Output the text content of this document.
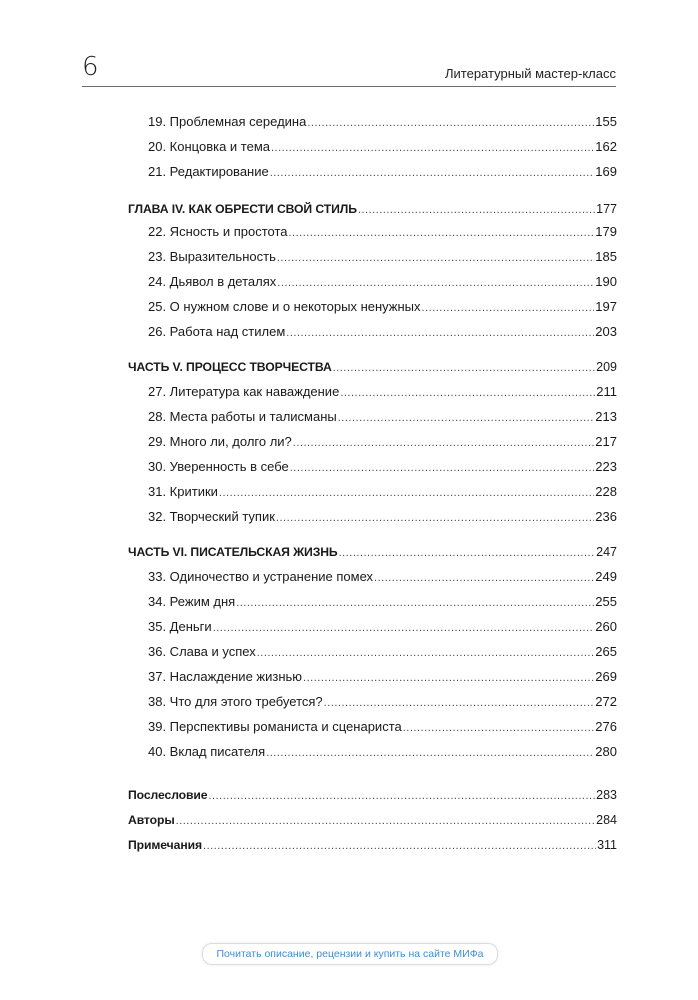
6	Литературный мастер-класс
19. Проблемная середина .....	155
20. Концовка и тема .....	162
21. Редактирование .....	169
ГЛАВА IV. КАК ОБРЕСТИ СВОЙ СТИЛЬ .....	177
22. Ясность и простота .....	179
23. Выразительность .....	185
24. Дьявол в деталях .....	190
25. О нужном слове и о некоторых ненужных .....	197
26. Работа над стилем .....	203
ЧАСТЬ V. ПРОЦЕСС ТВОРЧЕСТВА .....	209
27. Литература как наваждение .....	211
28. Места работы и талисманы .....	213
29. Много ли, долго ли? .....	217
30. Уверенность в себе .....	223
31. Критики .....	228
32. Творческий тупик .....	236
ЧАСТЬ VI. ПИСАТЕЛЬСКАЯ ЖИЗНЬ .....	247
33. Одиночество и устранение помех .....	249
34. Режим дня .....	255
35. Деньги .....	260
36. Слава и успех .....	265
37. Наслаждение жизнью .....	269
38. Что для этого требуется? .....	272
39. Перспективы романиста и сценариста .....	276
40. Вклад писателя .....	280
Послесловие .....	283
Авторы .....	284
Примечания .....	311
Почитать описание, рецензии и купить на сайте МИФа
